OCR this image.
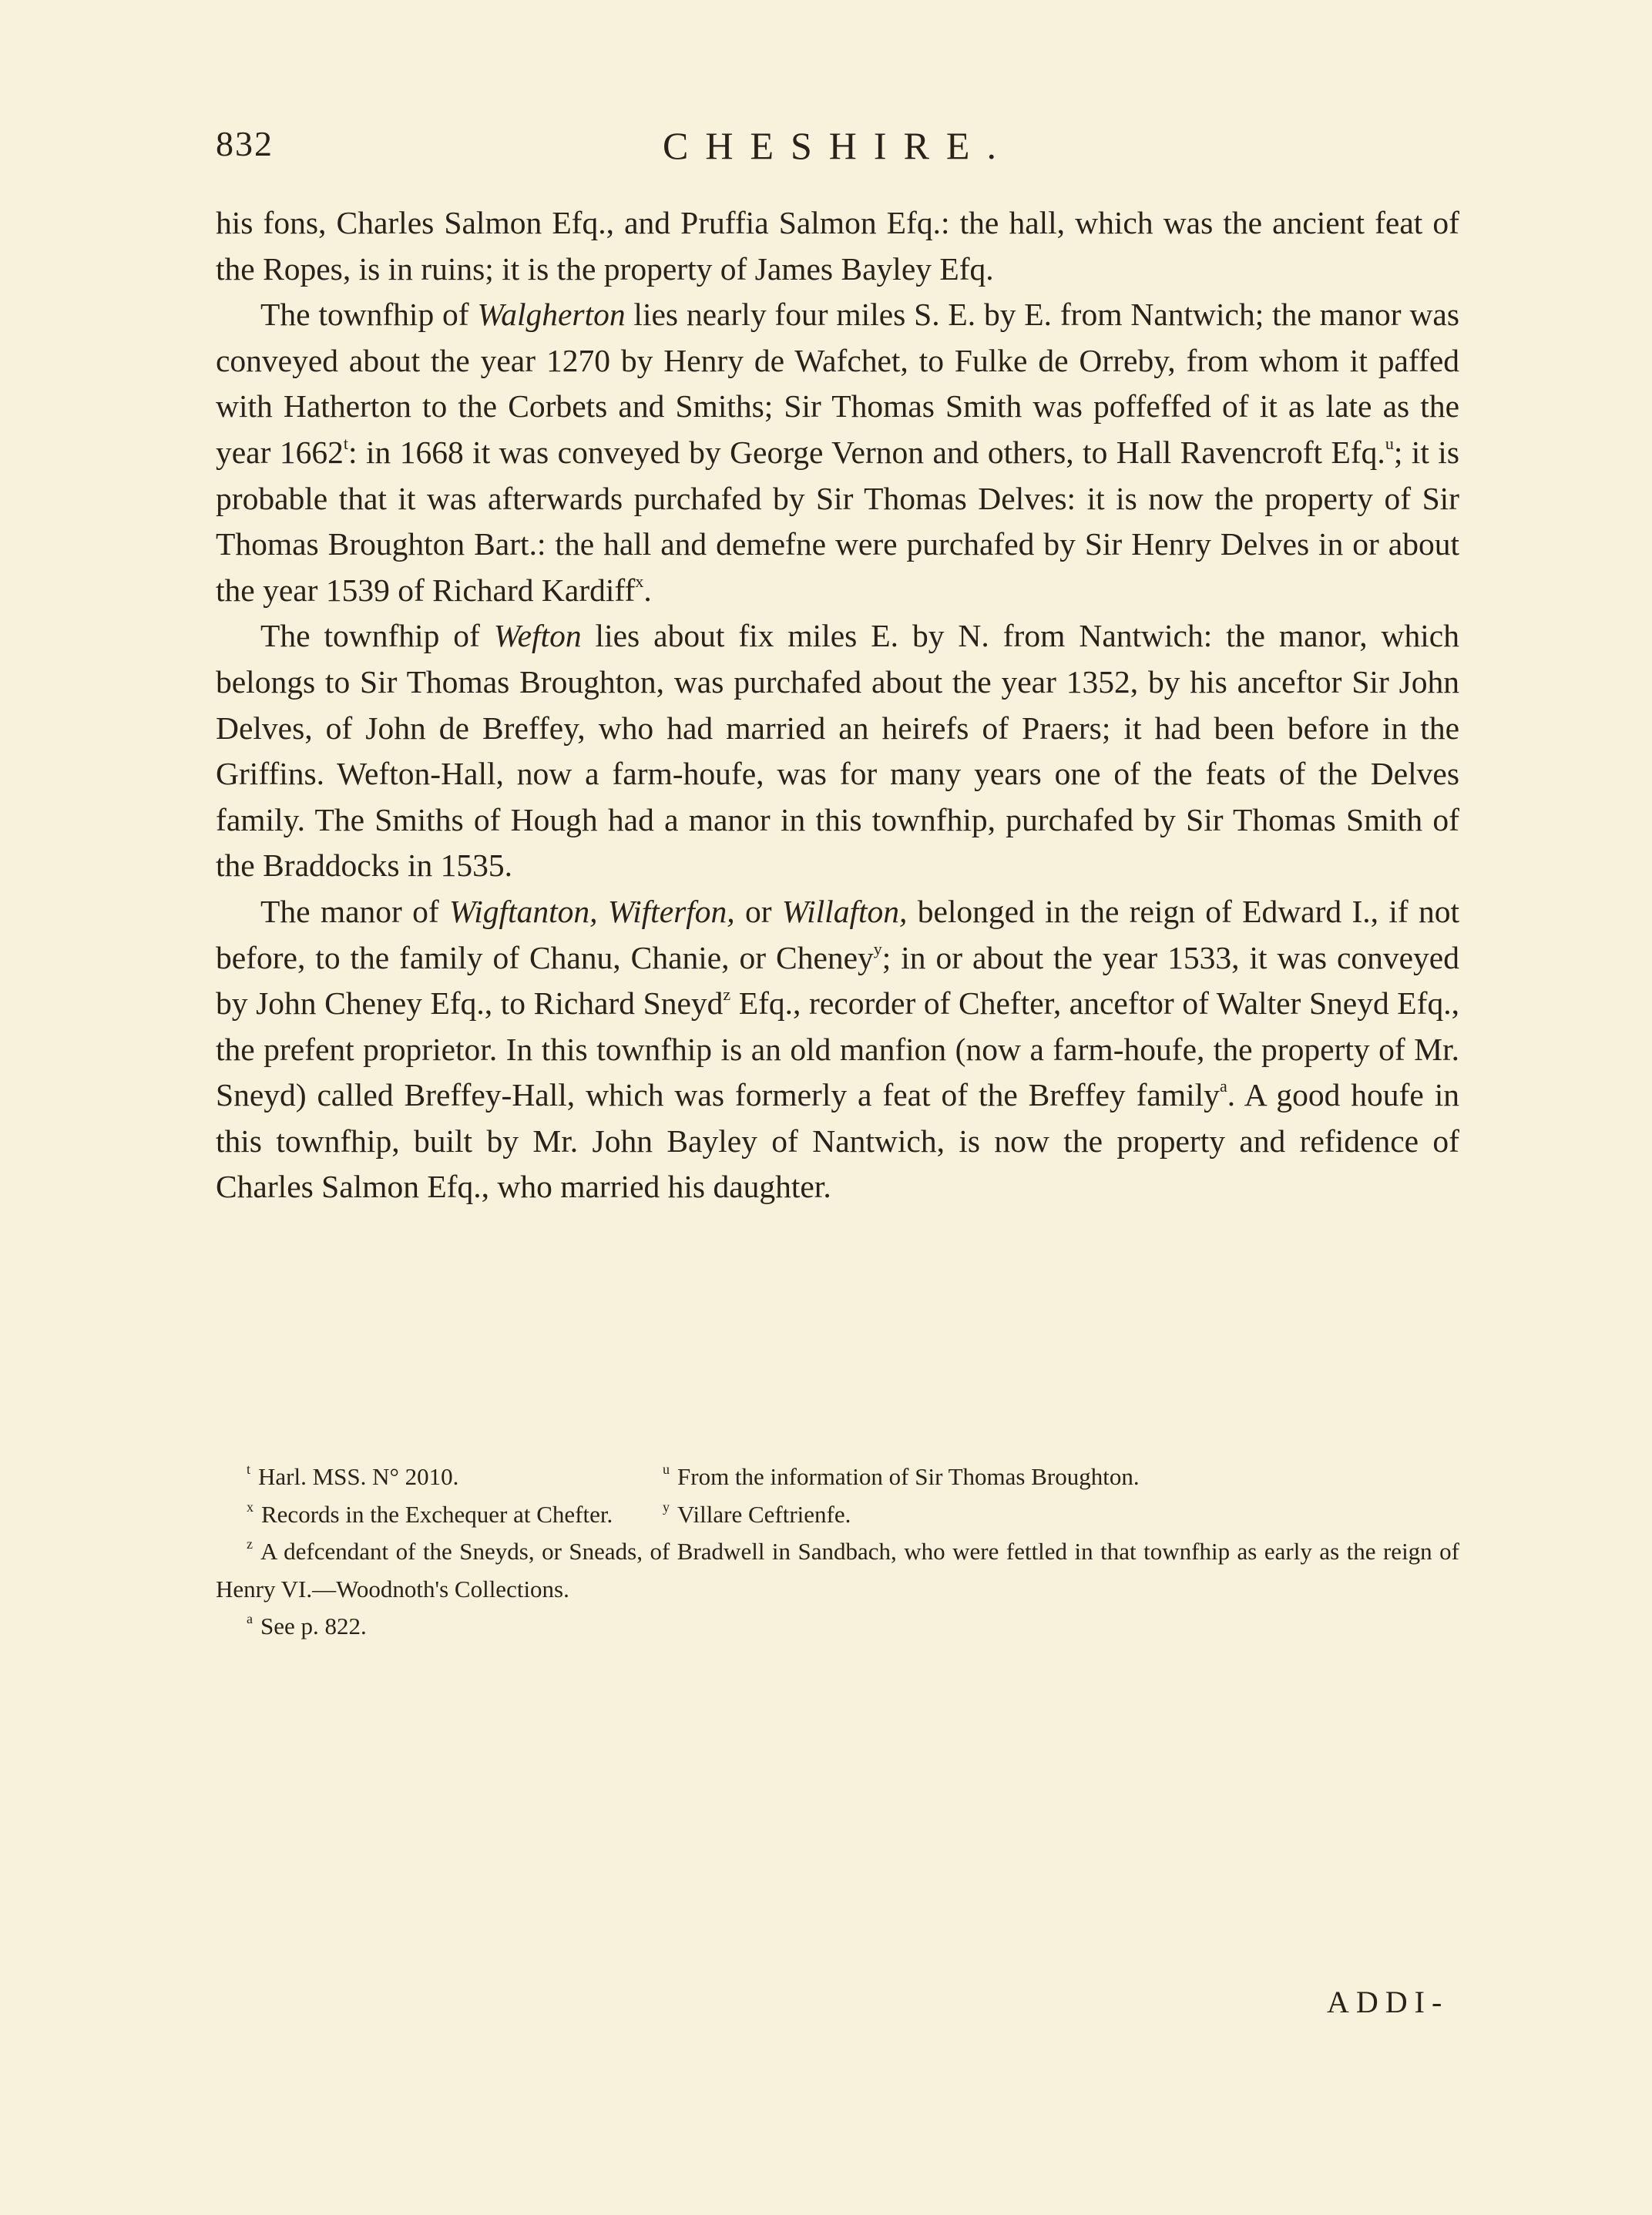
832	CHESHIRE.

his fons, Charles Salmon Efq., and Pruffia Salmon Efq.: the hall, which was the ancient feat of the Ropes, is in ruins; it is the property of James Bayley Efq.

The townfhip of Walgherton lies nearly four miles S. E. by E. from Nantwich; the manor was conveyed about the year 1270 by Henry de Wafchet, to Fulke de Orreby, from whom it paffed with Hatherton to the Corbets and Smiths; Sir Thomas Smith was poffeffed of it as late as the year 1662$^t$: in 1668 it was conveyed by George Vernon and others, to Hall Ravencroft Efq.$^u$; it is probable that it was afterwards purchafed by Sir Thomas Delves: it is now the property of Sir Thomas Broughton Bart.: the hall and demefne were purchafed by Sir Henry Delves in or about the year 1539 of Richard Kardiff$^x$.

The townfhip of Wefton lies about fix miles E. by N. from Nantwich: the manor, which belongs to Sir Thomas Broughton, was purchafed about the year 1352, by his anceftor Sir John Delves, of John de Breffey, who had married an heirefs of Praers; it had been before in the Griffins. Wefton-Hall, now a farm-houfe, was for many years one of the feats of the Delves family. The Smiths of Hough had a manor in this townfhip, purchafed by Sir Thomas Smith of the Braddocks in 1535.

The manor of Wigftanton, Wifterfon, or Willafton, belonged in the reign of Edward I., if not before, to the family of Chanu, Chanie, or Cheney$^y$; in or about the year 1533, it was conveyed by John Cheney Efq., to Richard Sneyd$^z$ Efq., recorder of Chefter, anceftor of Walter Sneyd Efq., the prefent proprietor. In this townfhip is an old manfion (now a farm-houfe, the property of Mr. Sneyd) called Breffey-Hall, which was formerly a feat of the Breffey family$^a$. A good houfe in this townfhip, built by Mr. John Bayley of Nantwich, is now the property and refidence of Charles Salmon Efq., who married his daughter.

$^t$ Harl. MSS. N° 2010.	$^u$ From the information of Sir Thomas Broughton.
$^x$ Records in the Exchequer at Chefter.	$^y$ Villare Ceftrienfe.
$^z$ A defcendant of the Sneyds, or Sneads, of Bradwell in Sandbach, who were fettled in that townfhip as early as the reign of Henry VI.—Woodnoth's Collections.
$^a$ See p. 822.
ADDI-
